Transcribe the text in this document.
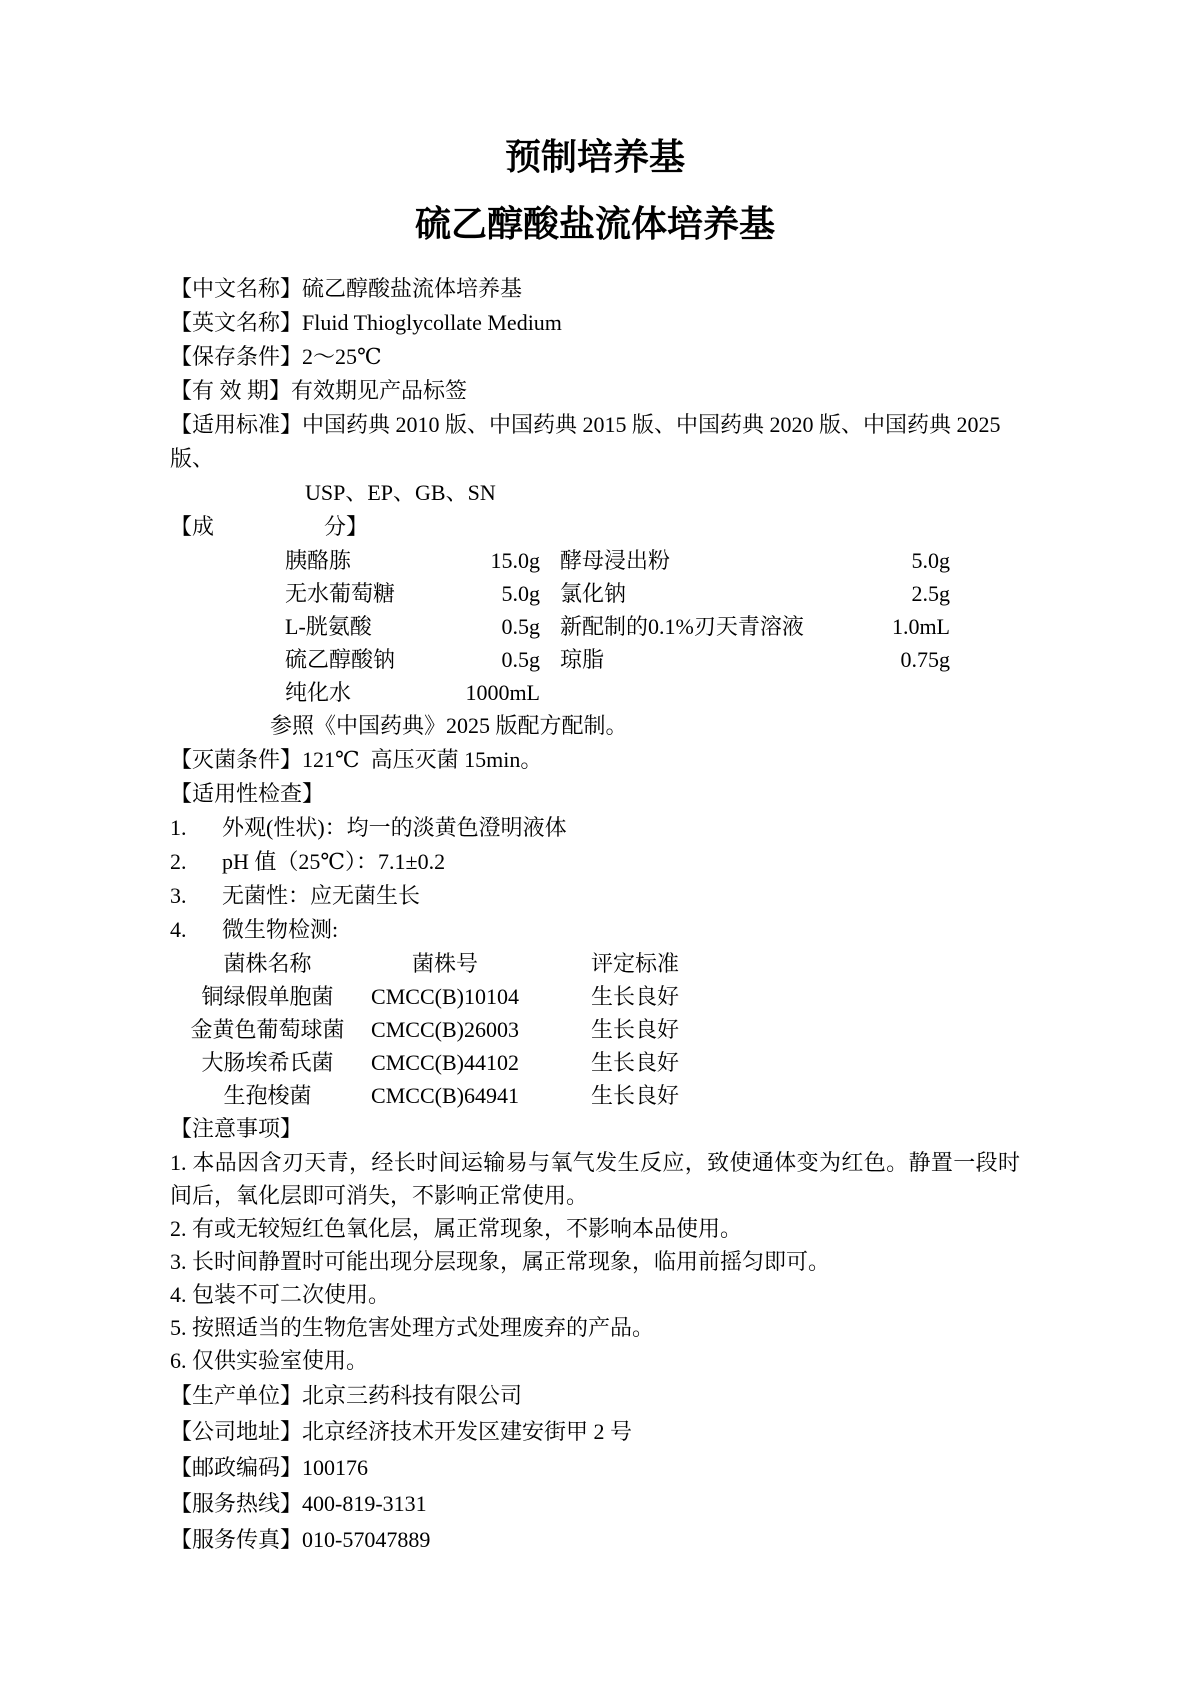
预制培养基
硫乙醇酸盐流体培养基
【中文名称】硫乙醇酸盐流体培养基
【英文名称】Fluid Thioglycollate Medium
【保存条件】2～25℃
【有 效 期】有效期见产品标签
【适用标准】中国药典 2010 版、中国药典 2015 版、中国药典 2020 版、中国药典 2025 版、
USP、EP、GB、SN
【成　　　　　分】
胰酪胨	15.0g 酵母浸出粉	5.0g
无水葡萄糖	5.0g 氯化钠	2.5g
L-胱氨酸	0.5g 新配制的0.1%刃天青溶液	1.0mL
硫乙醇酸钠	0.5g 琼脂	0.75g
纯化水	1000mL
参照《中国药典》2025 版配方配制。
【灭菌条件】121℃  高压灭菌 15min。
【适用性检查】
1.	外观(性状)：均一的淡黄色澄明液体
2.	pH 值（25℃）：7.1±0.2
3.	无菌性：应无菌生长
4.	微生物检测:
菌株名称	菌株号	评定标准
铜绿假单胞菌	CMCC(B)10104	生长良好
金黄色葡萄球菌	CMCC(B)26003	生长良好
大肠埃希氏菌	CMCC(B)44102	生长良好
生孢梭菌	CMCC(B)64941	生长良好
【注意事项】

1. 本品因含刃天青，经长时间运输易与氧气发生反应，致使通体变为红色。静置一段时间后，氧化层即可消失，不影响正常使用。

2. 有或无较短红色氧化层，属正常现象，不影响本品使用。

3. 长时间静置时可能出现分层现象，属正常现象，临用前摇匀即可。

4. 包装不可二次使用。

5. 按照适当的生物危害处理方式处理废弃的产品。

6. 仅供实验室使用。

【生产单位】北京三药科技有限公司
【公司地址】北京经济技术开发区建安街甲 2 号
【邮政编码】100176
【服务热线】400-819-3131
【服务传真】010-57047889
